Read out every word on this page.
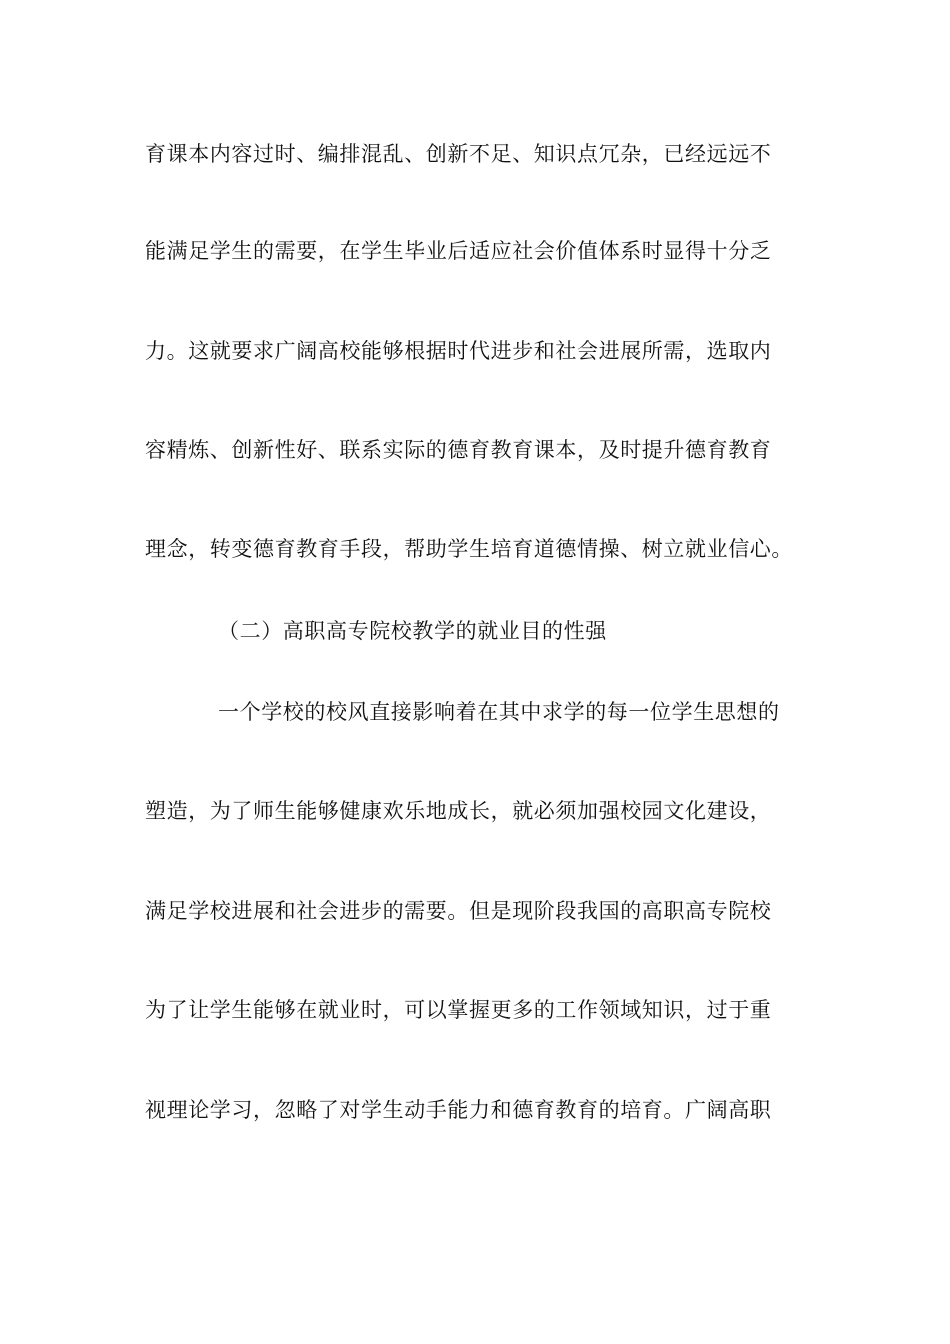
育课本内容过时、编排混乱、创新不足、知识点冗杂，已经远远不
能满足学生的需要，在学生毕业后适应社会价值体系时显得十分乏
力。这就要求广阔高校能够根据时代进步和社会进展所需，选取内
容精炼、创新性好、联系实际的德育教育课本，及时提升德育教育
理念，转变德育教育手段，帮助学生培育道德情操、树立就业信心。
（二）高职高专院校教学的就业目的性强
一个学校的校风直接影响着在其中求学的每一位学生思想的
塑造，为了师生能够健康欢乐地成长，就必须加强校园文化建设，
满足学校进展和社会进步的需要。但是现阶段我国的高职高专院校
为了让学生能够在就业时，可以掌握更多的工作领域知识，过于重
视理论学习，忽略了对学生动手能力和德育教育的培育。广阔高职
